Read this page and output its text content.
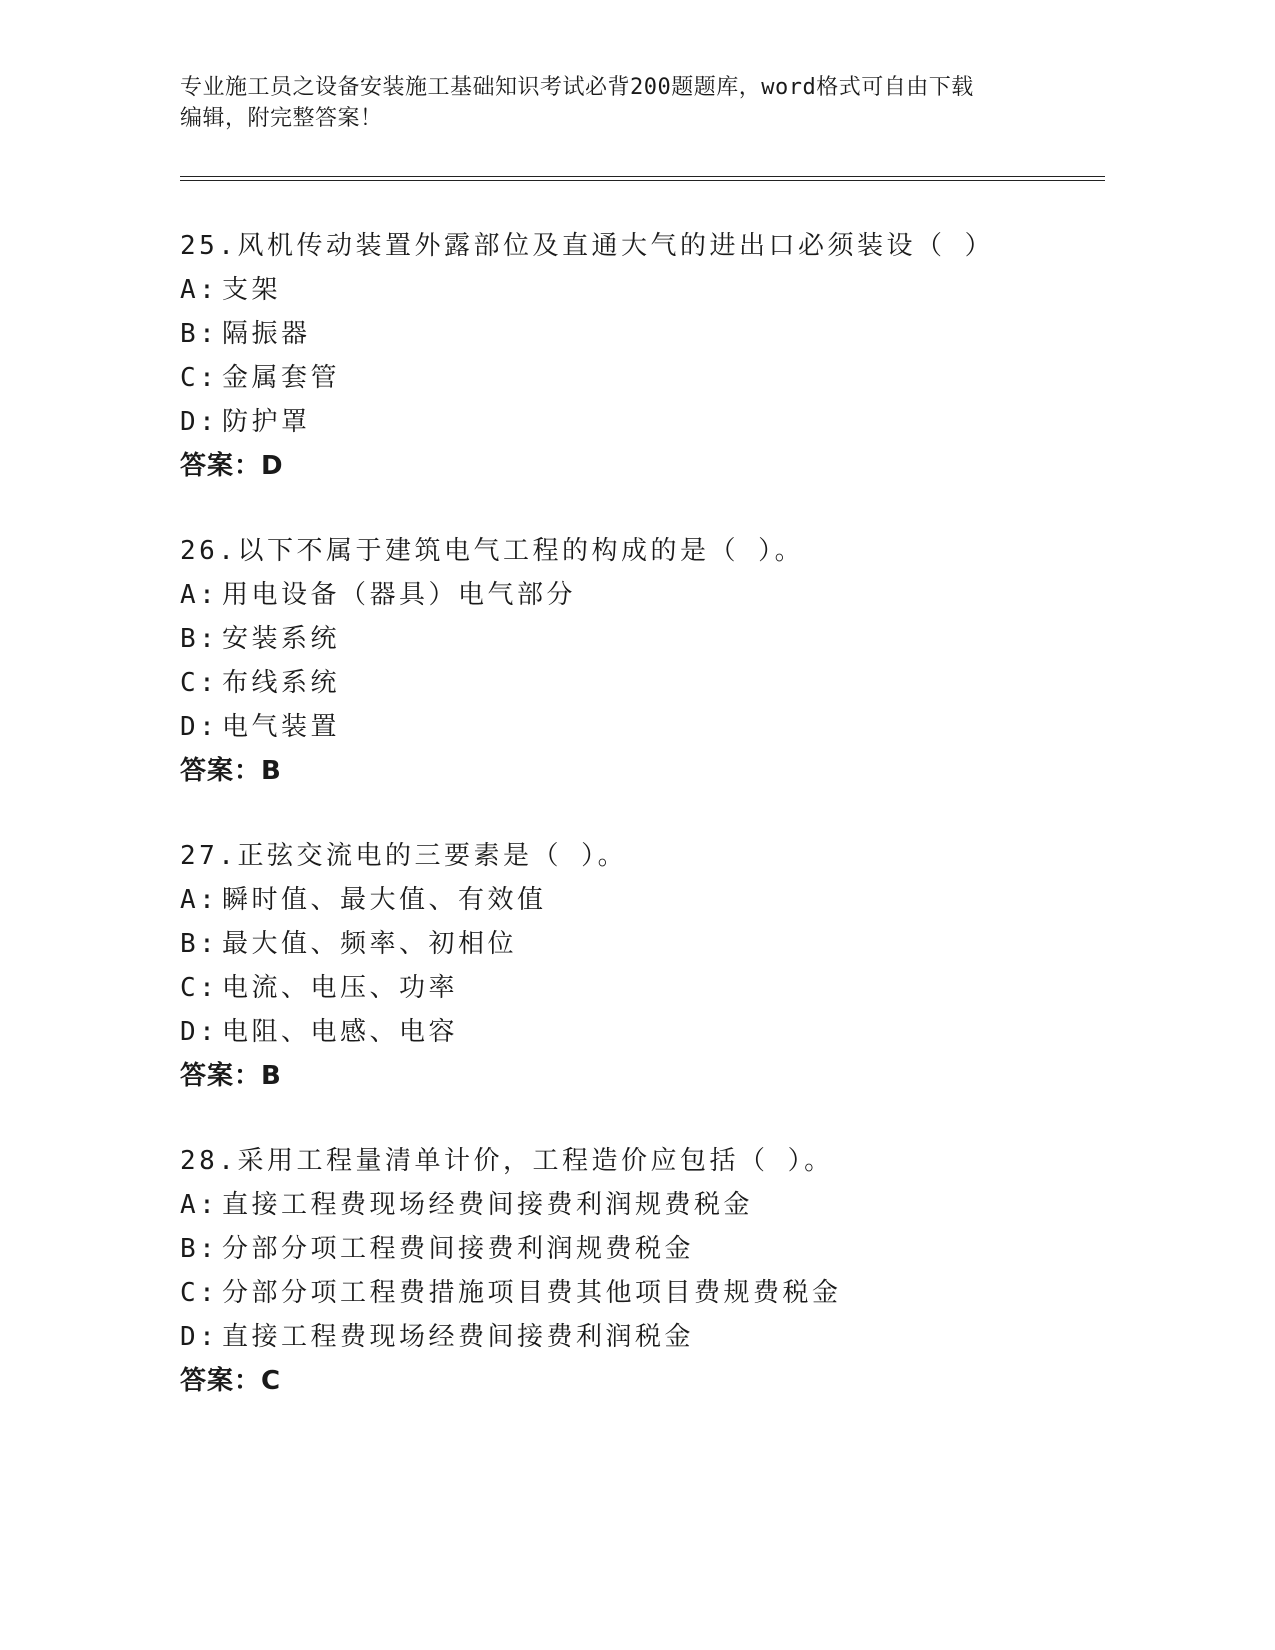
专业施工员之设备安装施工基础知识考试必背200题题库，word格式可自由下载
编辑，附完整答案！
25.风机传动装置外露部位及直通大气的进出口必须装设（ ）
A: 支架
B: 隔振器
C: 金属套管
D: 防护罩
答案：D
26.以下不属于建筑电气工程的构成的是（ ）。
A: 用电设备（器具）电气部分
B: 安装系统
C: 布线系统
D: 电气装置
答案：B
27.正弦交流电的三要素是（ ）。
A: 瞬时值、最大值、有效值
B: 最大值、频率、初相位
C: 电流、电压、功率
D: 电阻、电感、电容
答案：B
28.采用工程量清单计价，工程造价应包括（ ）。
A: 直接工程费现场经费间接费利润规费税金
B: 分部分项工程费间接费利润规费税金
C: 分部分项工程费措施项目费其他项目费规费税金
D: 直接工程费现场经费间接费利润税金
答案：C
